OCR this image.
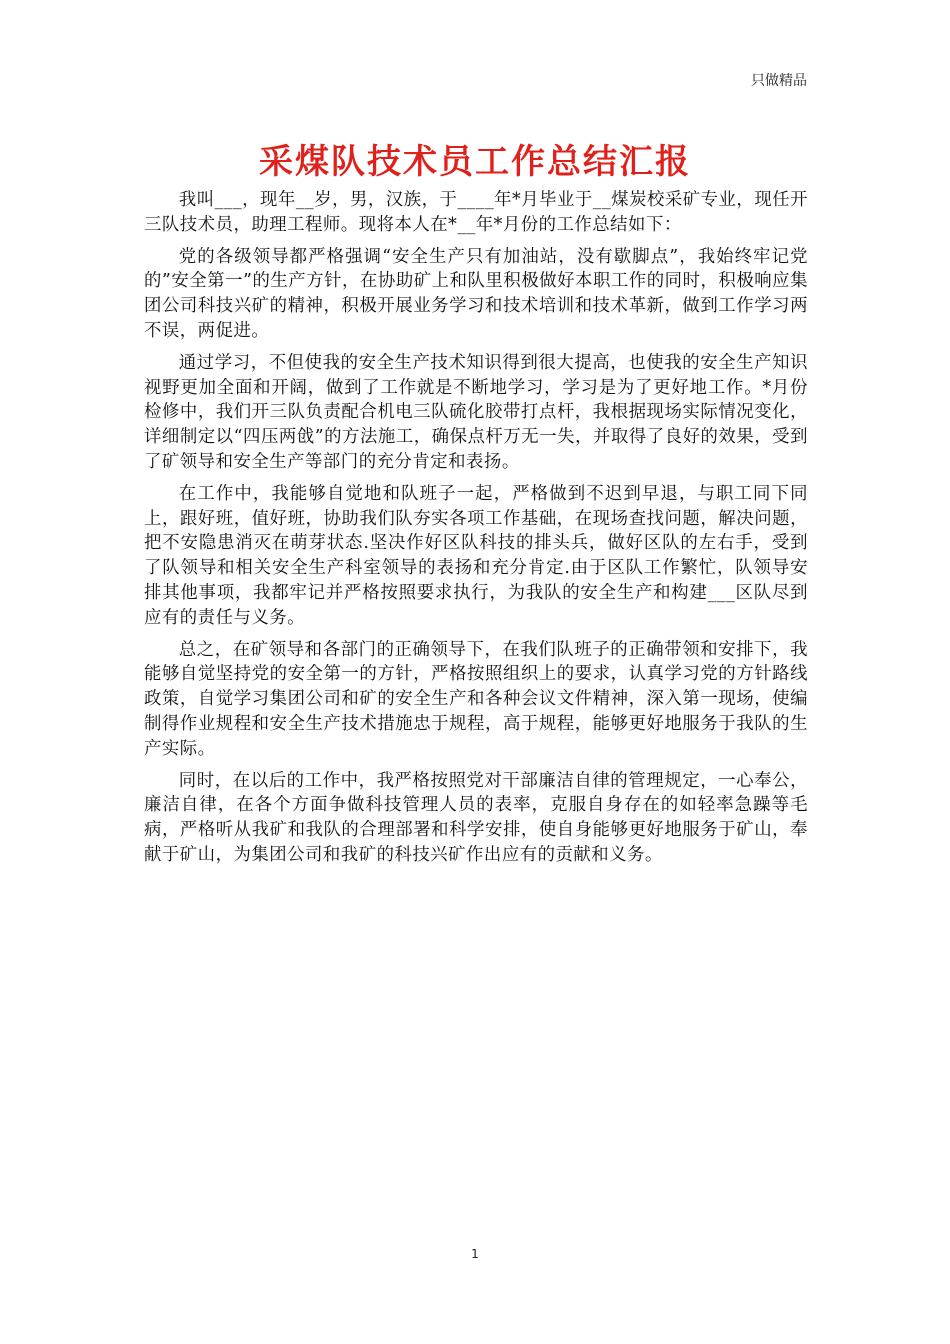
只做精品
采煤队技术员工作总结汇报

我叫___，现年__岁，男，汉族，于____年*月毕业于__煤炭校采矿专业，现任开三队技术员，助理工程师。现将本人在*__年*月份的工作总结如下：

党的各级领导都严格强调“安全生产只有加油站，没有歇脚点”，我始终牢记党的”安全第一”的生产方针，在协助矿上和队里积极做好本职工作的同时，积极响应集团公司科技兴矿的精神，积极开展业务学习和技术培训和技术革新，做到工作学习两不误，两促进。

通过学习，不但使我的安全生产技术知识得到很大提高，也使我的安全生产知识视野更加全面和开阔，做到了工作就是不断地学习，学习是为了更好地工作。*月份检修中，我们开三队负责配合机电三队硫化胶带打点杆，我根据现场实际情况变化，详细制定以“四压两戗”的方法施工，确保点杆万无一失，并取得了良好的效果，受到了矿领导和安全生产等部门的充分肯定和表扬。

在工作中，我能够自觉地和队班子一起，严格做到不迟到早退，与职工同下同上，跟好班，值好班，协助我们队夯实各项工作基础，在现场查找问题，解决问题，把不安隐患消灭在萌芽状态.坚决作好区队科技的排头兵，做好区队的左右手，受到了队领导和相关安全生产科室领导的表扬和充分肯定.由于区队工作繁忙，队领导安排其他事项，我都牢记并严格按照要求执行，为我队的安全生产和构建___区队尽到应有的责任与义务。

总之，在矿领导和各部门的正确领导下，在我们队班子的正确带领和安排下，我能够自觉坚持党的安全第一的方针，严格按照组织上的要求，认真学习党的方针路线政策，自觉学习集团公司和矿的安全生产和各种会议文件精神，深入第一现场，使编制得作业规程和安全生产技术措施忠于规程，高于规程，能够更好地服务于我队的生产实际。

同时，在以后的工作中，我严格按照党对干部廉洁自律的管理规定，一心奉公，廉洁自律，在各个方面争做科技管理人员的表率，克服自身存在的如轻率急躁等毛病，严格听从我矿和我队的合理部署和科学安排，使自身能够更好地服务于矿山，奉献于矿山，为集团公司和我矿的科技兴矿作出应有的贡献和义务。

1
